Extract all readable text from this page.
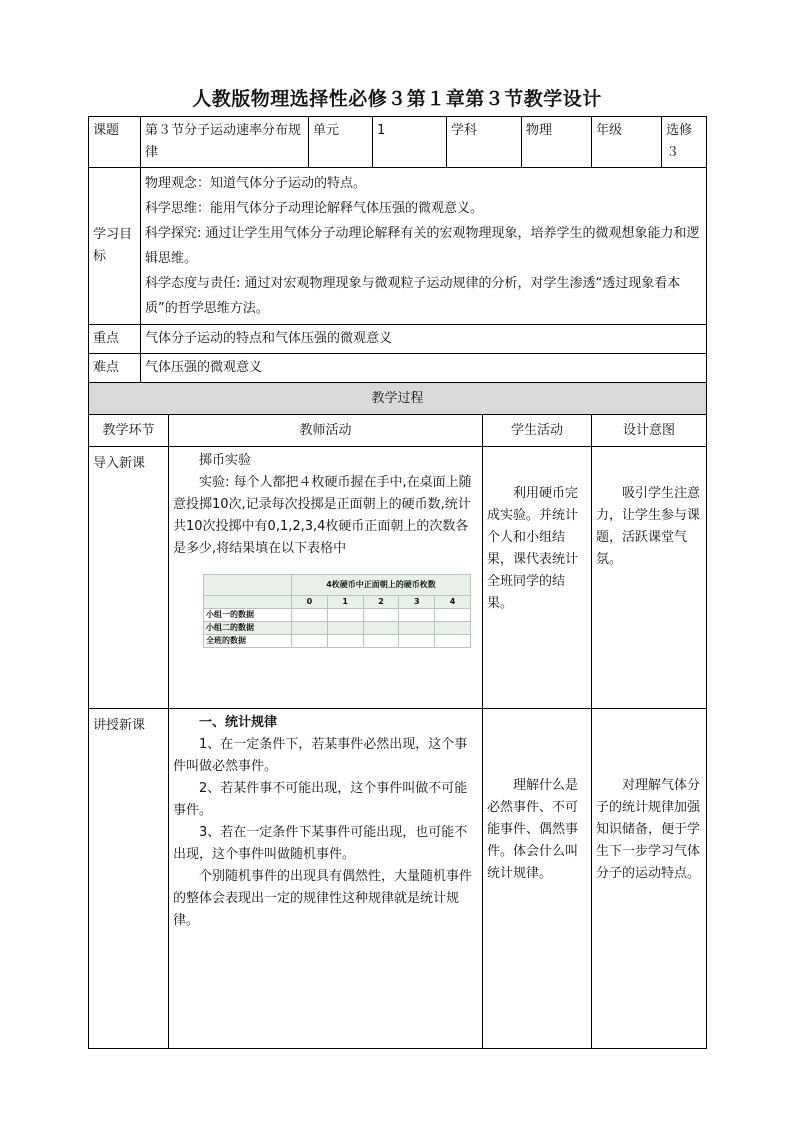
人教版物理选择性必修３第１章第３节教学设计
课题	第３节分子运动速率分布规律	单元	1	学科	物理	年级	选修３
学习目标	

物理观念：知道气体分子运动的特点。

科学思维：能用气体分子动理论解释气体压强的微观意义。

科学探究: 通过让学生用气体分子动理论解释有关的宏观物理现象，培养学生的微观想象能力和逻辑思维。

科学态度与责任: 通过对宏观物理现象与微观粒子运动规律的分析，对学生渗透“透过现象看本质”的哲学思维方法。

重点	气体分子运动的特点和气体压强的微观意义
难点	气体压强的微观意义
教学过程
教学环节	教师活动	学生活动	设计意图
导入新课	掷币实验

实验: 每个人都把４枚硬币握在手中,在桌面上随意投掷10次,记录每次投掷是正面朝上的硬币数,统计共10次投掷中有0,1,2,3,4枚硬币正面朝上的次数各是多少,将结果填在以下表格中

	4枚硬币中正面朝上的硬币枚数
	0	1	2	3	4
小组一的数据					
小组二的数据					
全班的数据					
	利用硬币完成实验。并统计个人和小组结果，课代表统计全班同学的结果。	吸引学生注意力，让学生参与课题，活跃课堂气氛。
讲授新课	一、统计规律

1、在一定条件下，若某事件必然出现，这个事件叫做必然事件。

2、若某件事不可能出现，这个事件叫做不可能事件。

3、若在一定条件下某事件可能出现，也可能不出现，这个事件叫做随机事件。

个别随机事件的出现具有偶然性，大量随机事件的整体会表现出一定的规律性这种规律就是统计规律。

	理解什么是必然事件、不可能事件、偶然事件。体会什么叫统计规律。	对理解气体分子的统计规律加强知识储备，便于学生下一步学习气体分子的运动特点。
